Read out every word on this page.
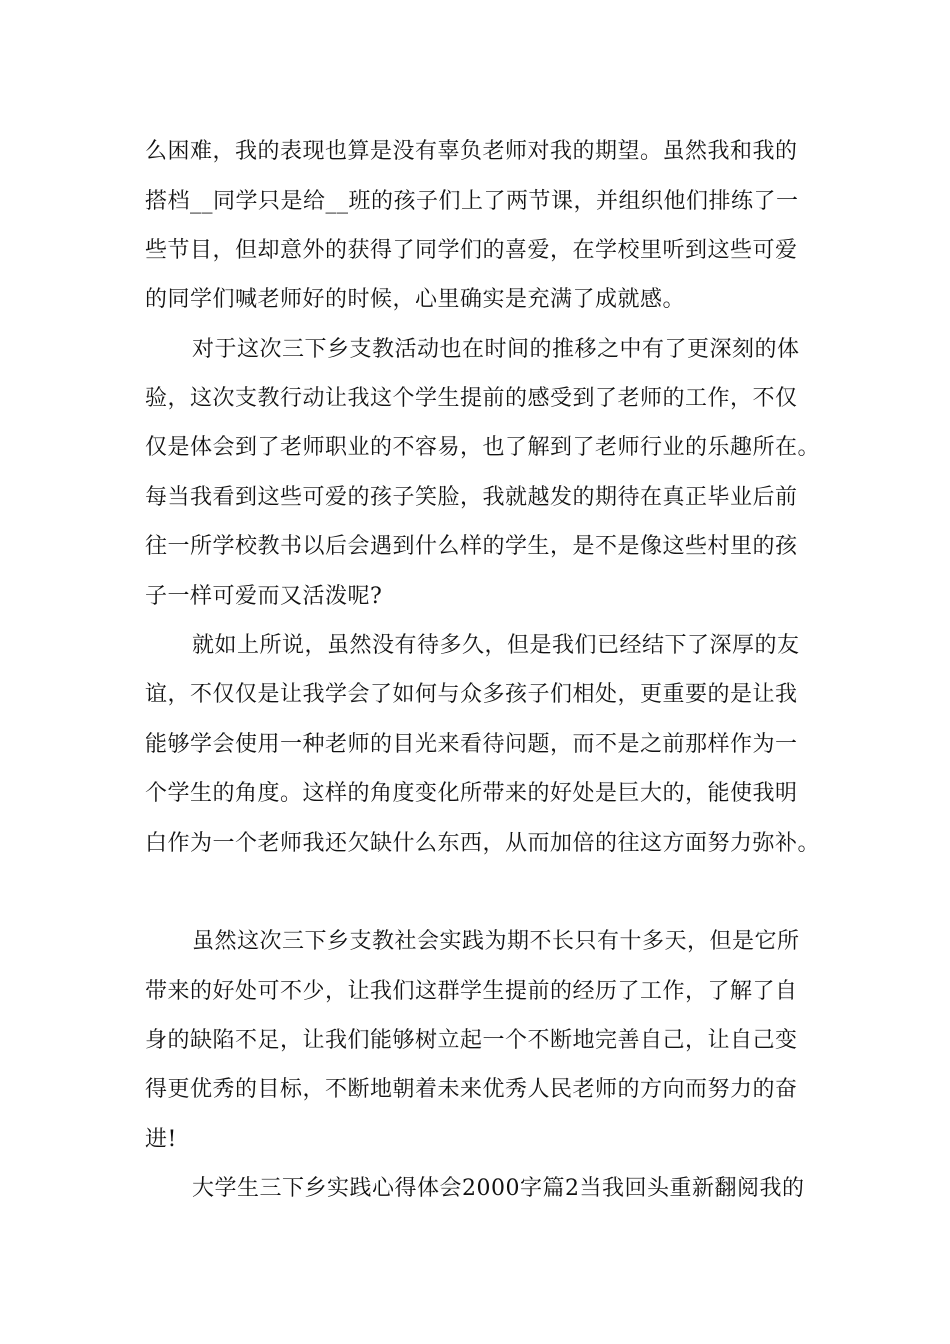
么困难，我的表现也算是没有辜负老师对我的期望。虽然我和我的
搭档__同学只是给__班的孩子们上了两节课，并组织他们排练了一
些节目，但却意外的获得了同学们的喜爱，在学校里听到这些可爱
的同学们喊老师好的时候，心里确实是充满了成就感。
对于这次三下乡支教活动也在时间的推移之中有了更深刻的体
验，这次支教行动让我这个学生提前的感受到了老师的工作，不仅
仅是体会到了老师职业的不容易，也了解到了老师行业的乐趣所在。
每当我看到这些可爱的孩子笑脸，我就越发的期待在真正毕业后前
往一所学校教书以后会遇到什么样的学生，是不是像这些村里的孩
子一样可爱而又活泼呢?
就如上所说，虽然没有待多久，但是我们已经结下了深厚的友
谊，不仅仅是让我学会了如何与众多孩子们相处，更重要的是让我
能够学会使用一种老师的目光来看待问题，而不是之前那样作为一
个学生的角度。这样的角度变化所带来的好处是巨大的，能使我明
白作为一个老师我还欠缺什么东西，从而加倍的往这方面努力弥补。
虽然这次三下乡支教社会实践为期不长只有十多天，但是它所
带来的好处可不少，让我们这群学生提前的经历了工作，了解了自
身的缺陷不足，让我们能够树立起一个不断地完善自己，让自己变
得更优秀的目标，不断地朝着未来优秀人民老师的方向而努力的奋
进!
大学生三下乡实践心得体会2000字篇2当我回头重新翻阅我的
